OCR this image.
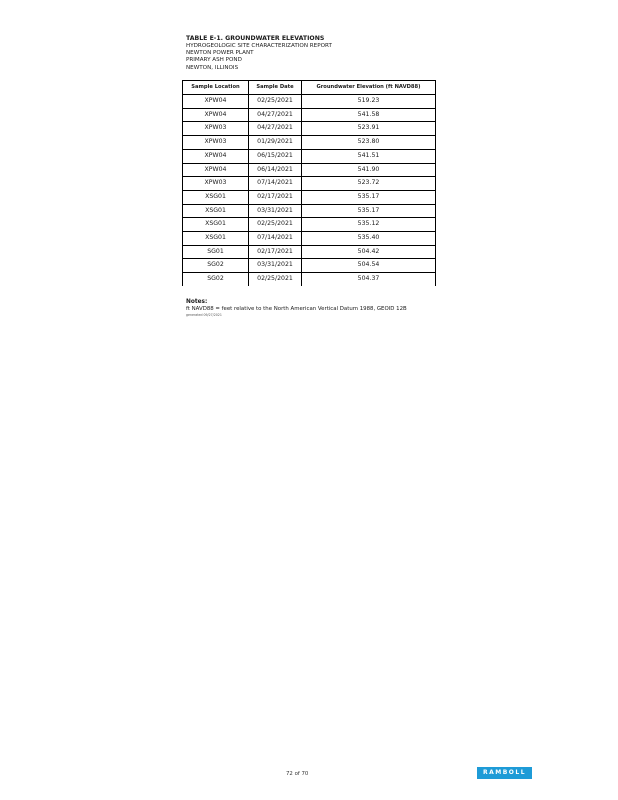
TABLE E-1. GROUNDWATER ELEVATIONS
HYDROGEOLOGIC SITE CHARACTERIZATION REPORT
NEWTON POWER PLANT
PRIMARY ASH POND
NEWTON, ILLINOIS
Sample Location	Sample Date	Groundwater Elevation (ft NAVD88)
XPW04	02/25/2021	519.23
XPW04	04/27/2021	541.58
XPW03	04/27/2021	523.91
XPW03	01/29/2021	523.80
XPW04	06/15/2021	541.51
XPW04	06/14/2021	541.90
XPW03	07/14/2021	523.72
XSG01	02/17/2021	535.17
XSG01	03/31/2021	535.17
XSG01	02/25/2021	535.12
XSG01	07/14/2021	535.40
SG01	02/17/2021	504.42
SG02	03/31/2021	504.54
SG02	02/25/2021	504.37
Notes:
ft NAVD88 = feet relative to the North American Vertical Datum 1988, GEOID 12B
generated 09/27/2021
72 of 70	RAMBOLL
